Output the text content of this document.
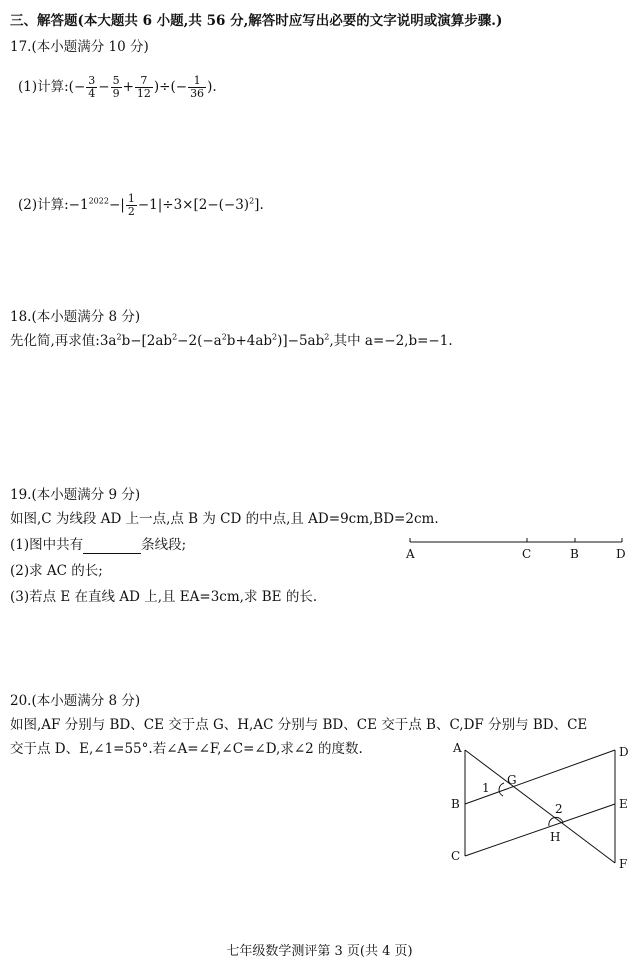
三、解答题(本大题共 6 小题,共 56 分,解答时应写出必要的文字说明或演算步骤.)
17.(本小题满分 10 分)
(1)计算:(− $\frac{3}{4} - \frac{5}{9} + \frac{7}{12}$ )÷(− $\frac{1}{36}$ ).
(2)计算$:-1^{2022}-| \frac{1}{2} -1|\div 3\times[2-(-3)^2]$.
18.(本小题满分 8 分)
先化简,再求值$:3a^2b-[2ab^2-2(-a^2b+4ab^2)]-5ab^2$,其中 a=−2,b=−1.
19.(本小题满分 9 分)
如图,C 为线段 AD 上一点,点 B 为 CD 的中点,且 AD=9cm,BD=2cm.
(1)图中共有	条线段;
(2)求 AC 的长;
(3)若点 E 在直线 AD 上,且 EA=3cm,求 BE 的长.
A	C	B	D
20.(本小题满分 8 分)
如图,AF 分别与 BD、CE 交于点 G、H,AC 分别与 BD、CE 交于点 B、C,DF 分别与 BD、CE
交于点 D、E,∠1=55°.若∠A=∠F,∠C=∠D,求∠2 的度数.	A
B
C
D
E
F
G
H
1
2
七年级数学测评第 3 页(共 4 页)
